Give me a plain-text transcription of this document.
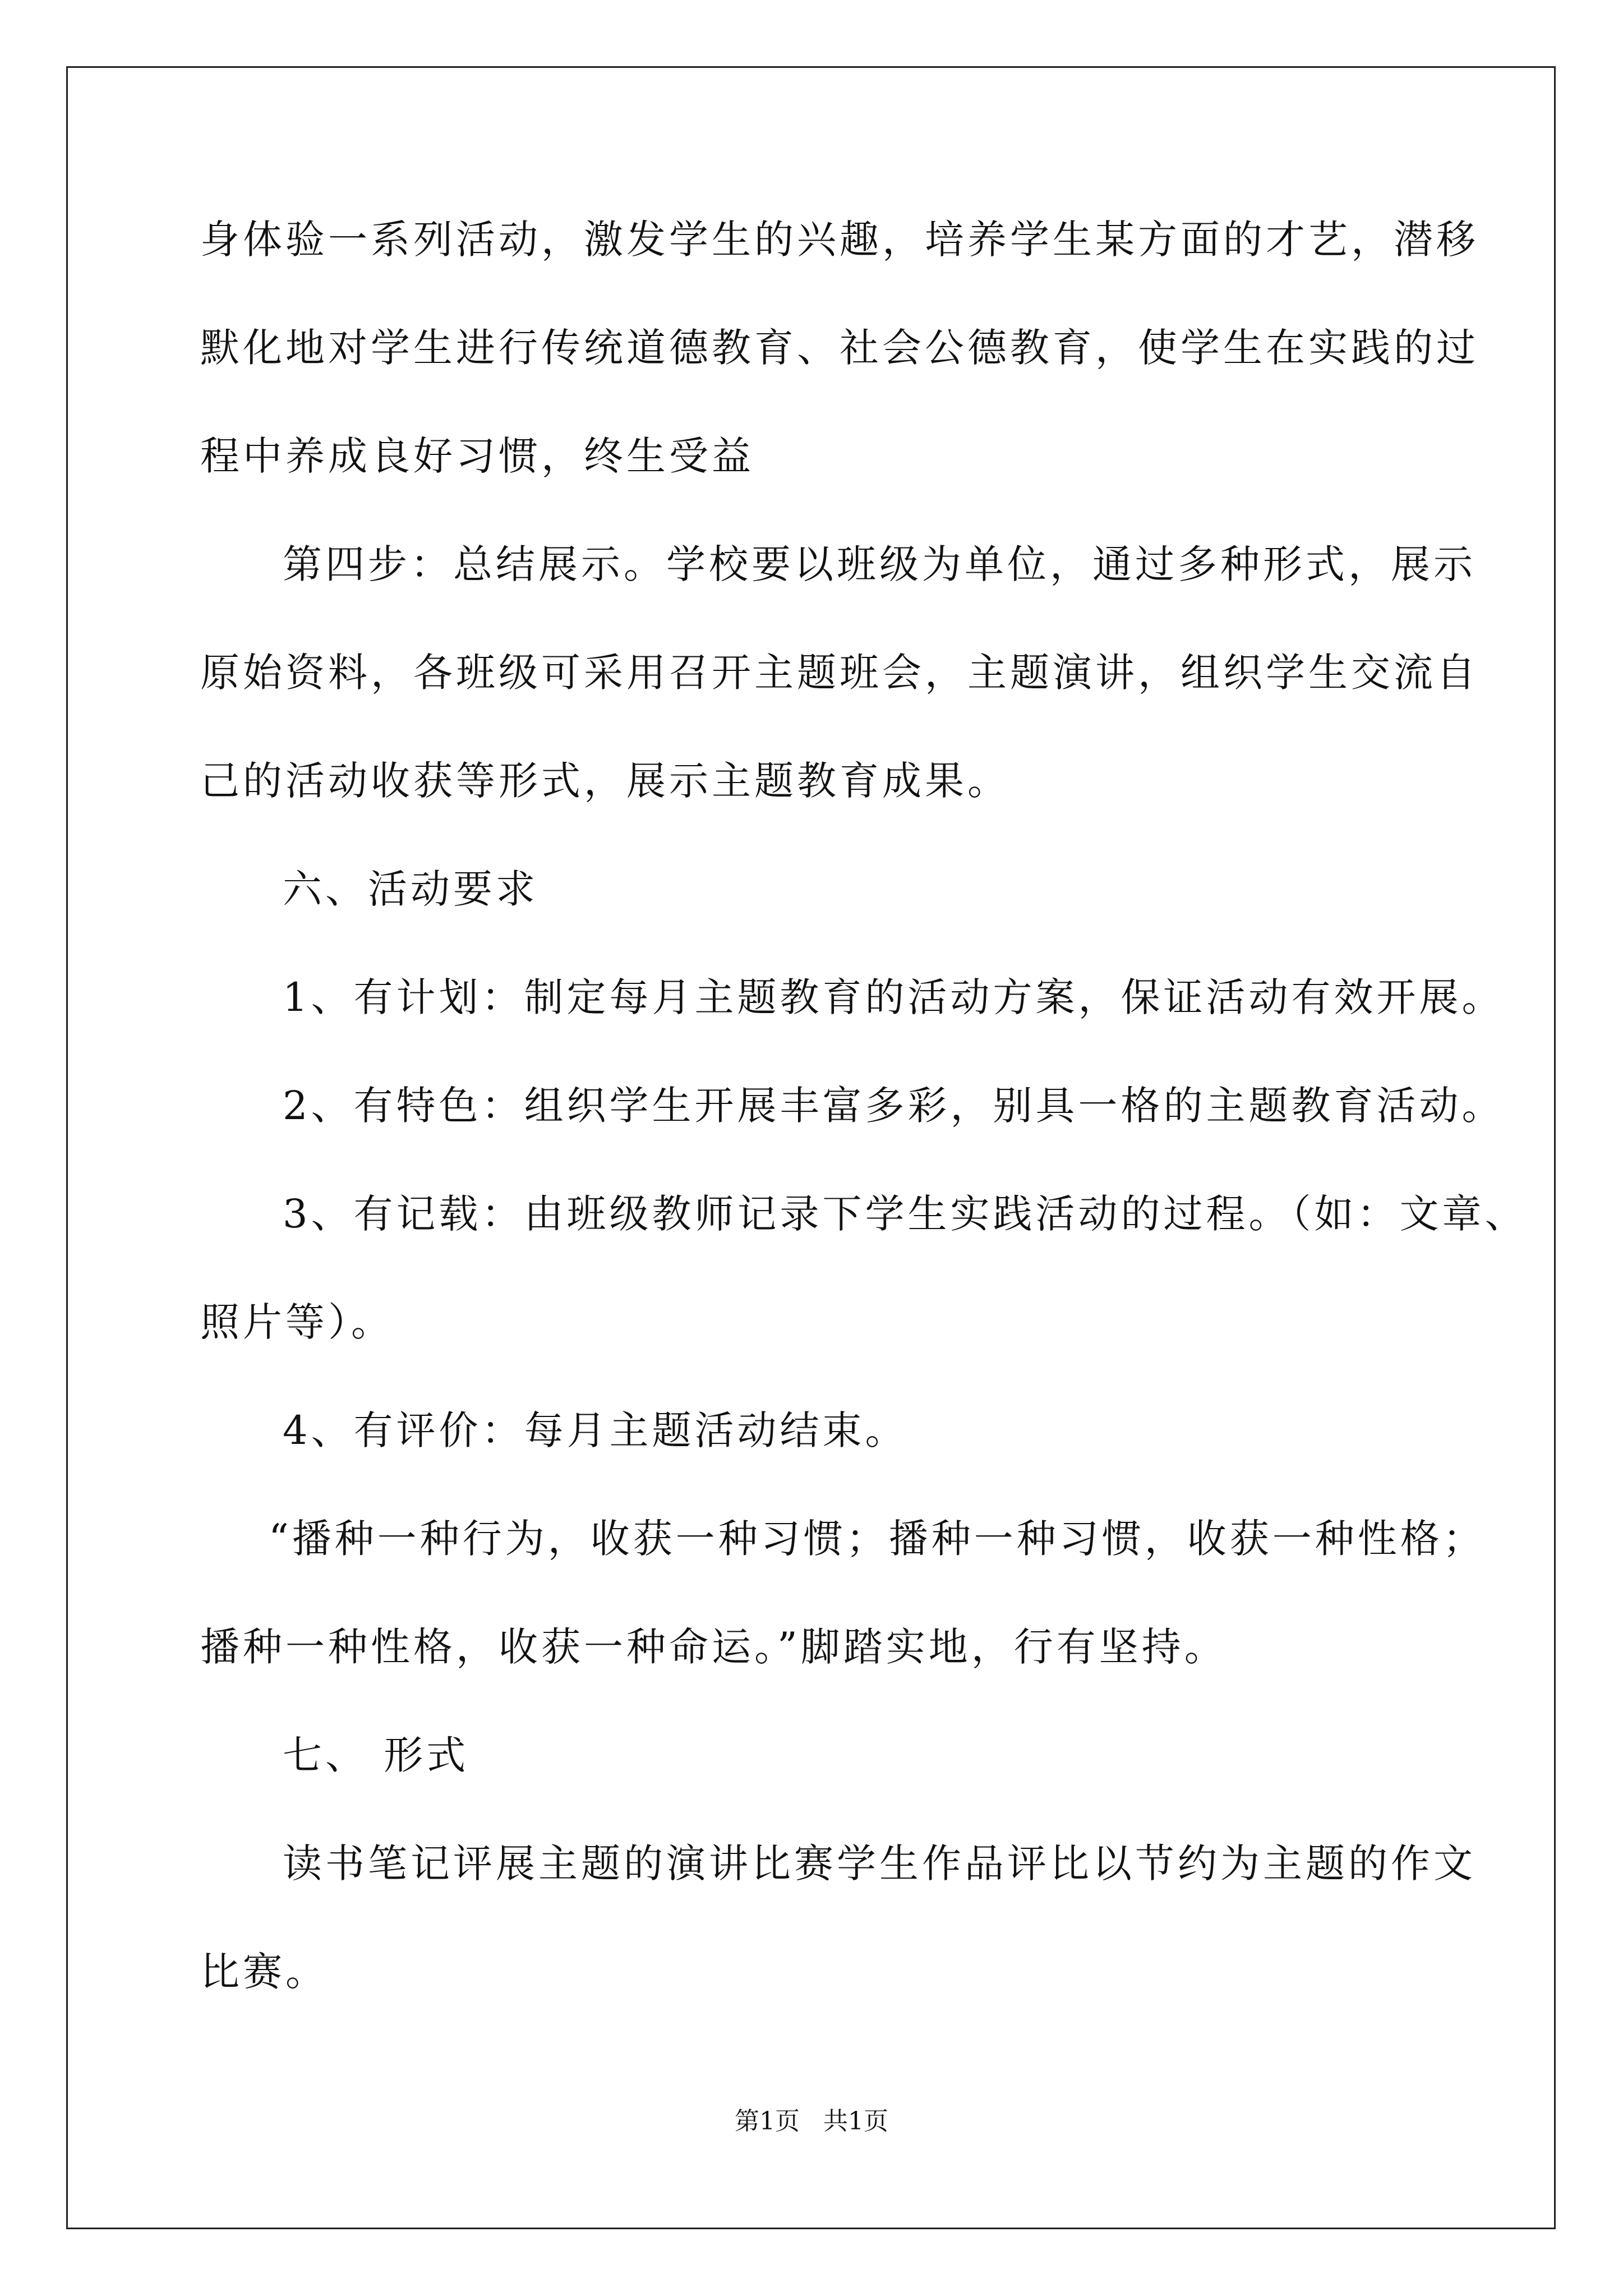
身体验一系列活动，激发学生的兴趣，培养学生某方面的才艺，潜移
默化地对学生进行传统道德教育、社会公德教育，使学生在实践的过
程中养成良好习惯，终生受益
第四步：总结展示。学校要以班级为单位，通过多种形式，展示
原始资料，各班级可采用召开主题班会，主题演讲，组织学生交流自
己的活动收获等形式，展示主题教育成果。
六、活动要求
1、有计划：制定每月主题教育的活动方案，保证活动有效开展。
2、有特色：组织学生开展丰富多彩，别具一格的主题教育活动。
3、有记载：由班级教师记录下学生实践活动的过程。（如：文章、
照片等）。
4、有评价：每月主题活动结束。
“播种一种行为，收获一种习惯；播种一种习惯，收获一种性格；
播种一种性格，收获一种命运。”脚踏实地，行有坚持。
七、 形式
读书笔记评展主题的演讲比赛学生作品评比以节约为主题的作文
比赛。
第1页   共1页
